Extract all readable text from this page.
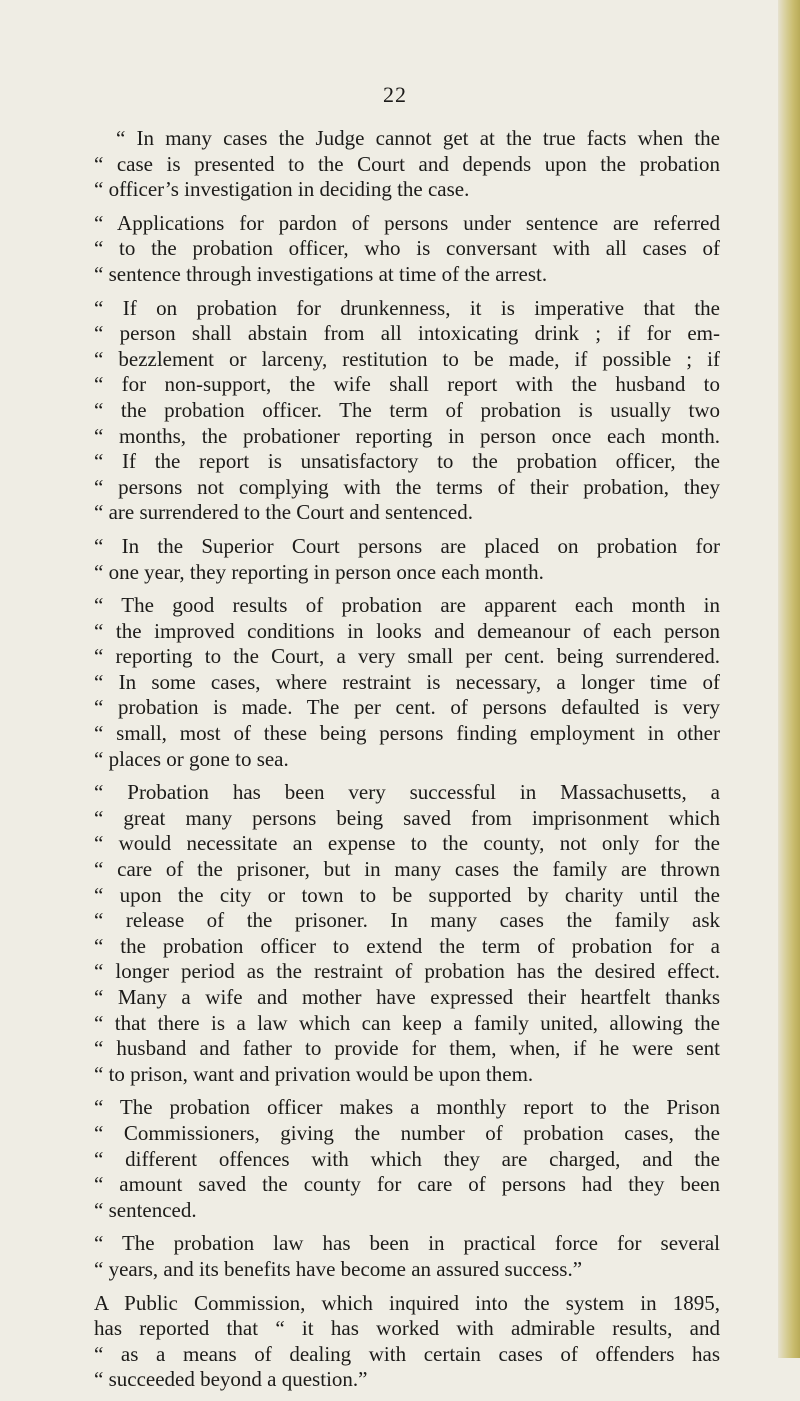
22

“ In many cases the Judge cannot get at the true facts when the
“ case is presented to the Court and depends upon the probation
“ officer’s investigation in deciding the case.

“ Applications for pardon of persons under sentence are referred
“ to the probation officer, who is conversant with all cases of
“ sentence through investigations at time of the arrest.

“ If on probation for drunkenness, it is imperative that the
“ person shall abstain from all intoxicating drink ; if for em-
“ bezzlement or larceny, restitution to be made, if possible ; if
“ for non-support, the wife shall report with the husband to
“ the probation officer. The term of probation is usually two
“ months, the probationer reporting in person once each month.
“ If the report is unsatisfactory to the probation officer, the
“ persons not complying with the terms of their probation, they
“ are surrendered to the Court and sentenced.

“ In the Superior Court persons are placed on probation for
“ one year, they reporting in person once each month.

“ The good results of probation are apparent each month in
“ the improved conditions in looks and demeanour of each person
“ reporting to the Court, a very small per cent. being surrendered.
“ In some cases, where restraint is necessary, a longer time of
“ probation is made. The per cent. of persons defaulted is very
“ small, most of these being persons finding employment in other
“ places or gone to sea.

“ Probation has been very successful in Massachusetts, a
“ great many persons being saved from imprisonment which
“ would necessitate an expense to the county, not only for the
“ care of the prisoner, but in many cases the family are thrown
“ upon the city or town to be supported by charity until the
“ release of the prisoner. In many cases the family ask
“ the probation officer to extend the term of probation for a
“ longer period as the restraint of probation has the desired effect.
“ Many a wife and mother have expressed their heartfelt thanks
“ that there is a law which can keep a family united, allowing the
“ husband and father to provide for them, when, if he were sent
“ to prison, want and privation would be upon them.

“ The probation officer makes a monthly report to the Prison
“ Commissioners, giving the number of probation cases, the
“ different offences with which they are charged, and the
“ amount saved the county for care of persons had they been
“ sentenced.

“ The probation law has been in practical force for several
“ years, and its benefits have become an assured success.”

A Public Commission, which inquired into the system in 1895,
has reported that “ it has worked with admirable results, and
“ as a means of dealing with certain cases of offenders has
“ succeeded beyond a question.”
